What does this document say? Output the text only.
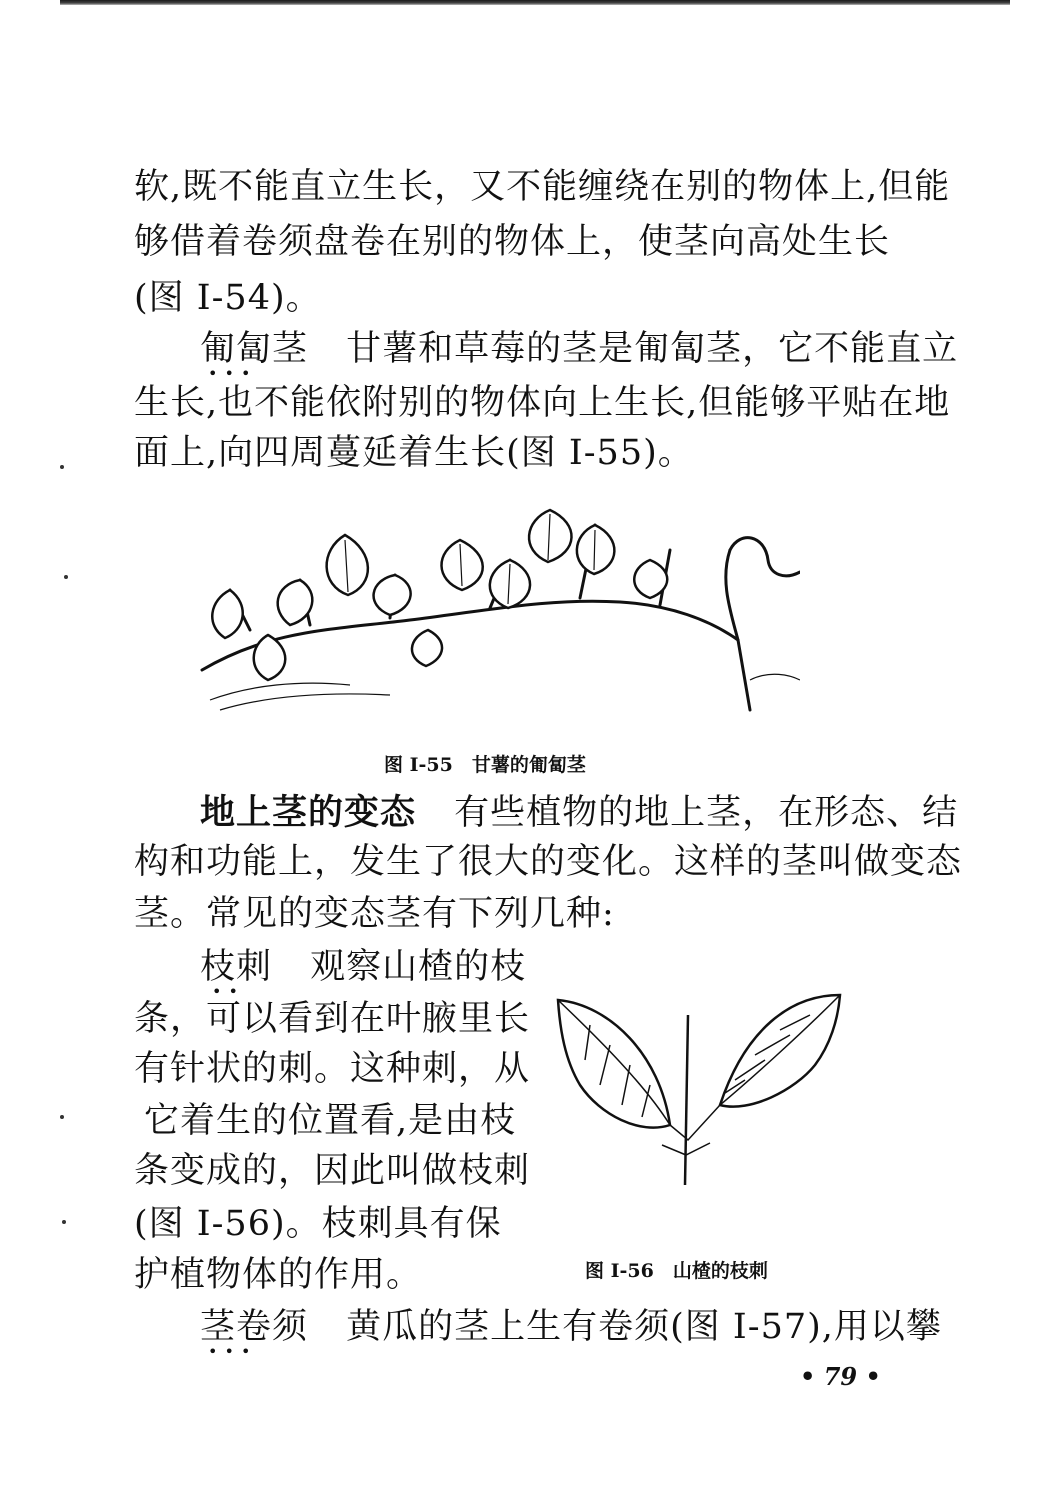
软,既不能直立生长，又不能缠绕在别的物体上,但能
够借着卷须盘卷在别的物体上，使茎向高处生长
(图 I-54)。
匍匐茎 • • • 甘薯和草莓的茎是匍匐茎，它不能直立
生长,也不能依附别的物体向上生长,但能够平贴在地
面上,向四周蔓延着生长(图 I-55)。
图 I-55　甘薯的匍匐茎
地上茎的变态 有些植物的地上茎，在形态、结
构和功能上，发生了很大的变化。这样的茎叫做变态
茎。常见的变态茎有下列几种:
枝刺 • • 观察山楂的枝
条，可以看到在叶腋里长
有针状的刺。这种刺，从
它着生的位置看,是由枝
条变成的，因此叫做枝刺
(图 I-56)。枝刺具有保
护植物体的作用。	图 I-56　山楂的枝刺
茎卷须 • • • 黄瓜的茎上生有卷须(图 I-57),用以攀
• 79 •
